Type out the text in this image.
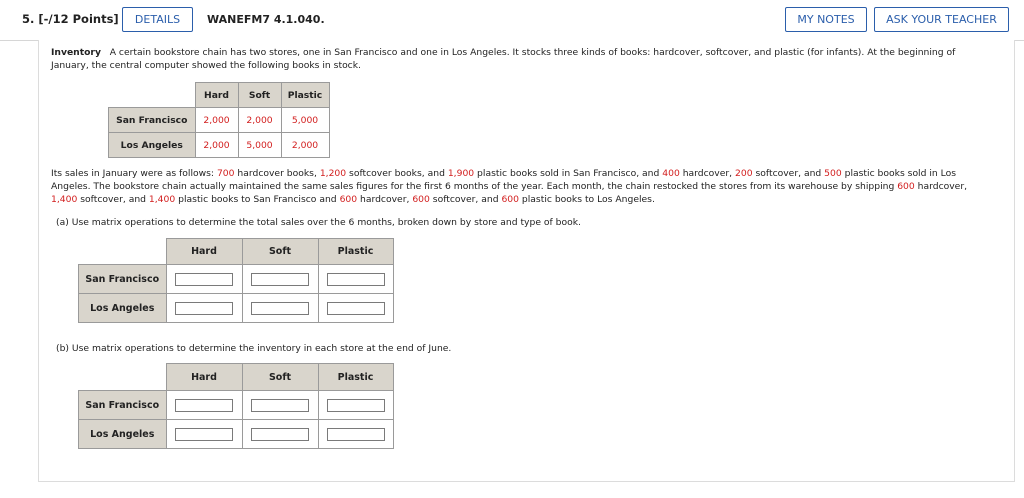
5. [-/12 Points]	DETAILS	WANEFM7 4.1.040.	MY NOTES	ASK YOUR TEACHER
Inventory A certain bookstore chain has two stores, one in San Francisco and one in Los Angeles. It stocks three kinds of books: hardcover, softcover, and plastic (for infants). At the beginning of
January, the central computer showed the following books in stock.
	Hard	Soft	Plastic
San Francisco	2,000	2,000	5,000
Los Angeles	2,000	5,000	2,000
Its sales in January were as follows: 700 hardcover books, 1,200 softcover books, and 1,900 plastic books sold in San Francisco, and 400 hardcover, 200 softcover, and 500 plastic books sold in Los
Angeles. The bookstore chain actually maintained the same sales figures for the first 6 months of the year. Each month, the chain restocked the stores from its warehouse by shipping 600 hardcover,
1,400 softcover, and 1,400 plastic books to San Francisco and 600 hardcover, 600 softcover, and 600 plastic books to Los Angeles.
(a) Use matrix operations to determine the total sales over the 6 months, broken down by store and type of book.
	Hard	Soft	Plastic
San Francisco	

Los Angeles	

(b) Use matrix operations to determine the inventory in each store at the end of June.
	Hard	Soft	Plastic
San Francisco	

Los Angeles	
